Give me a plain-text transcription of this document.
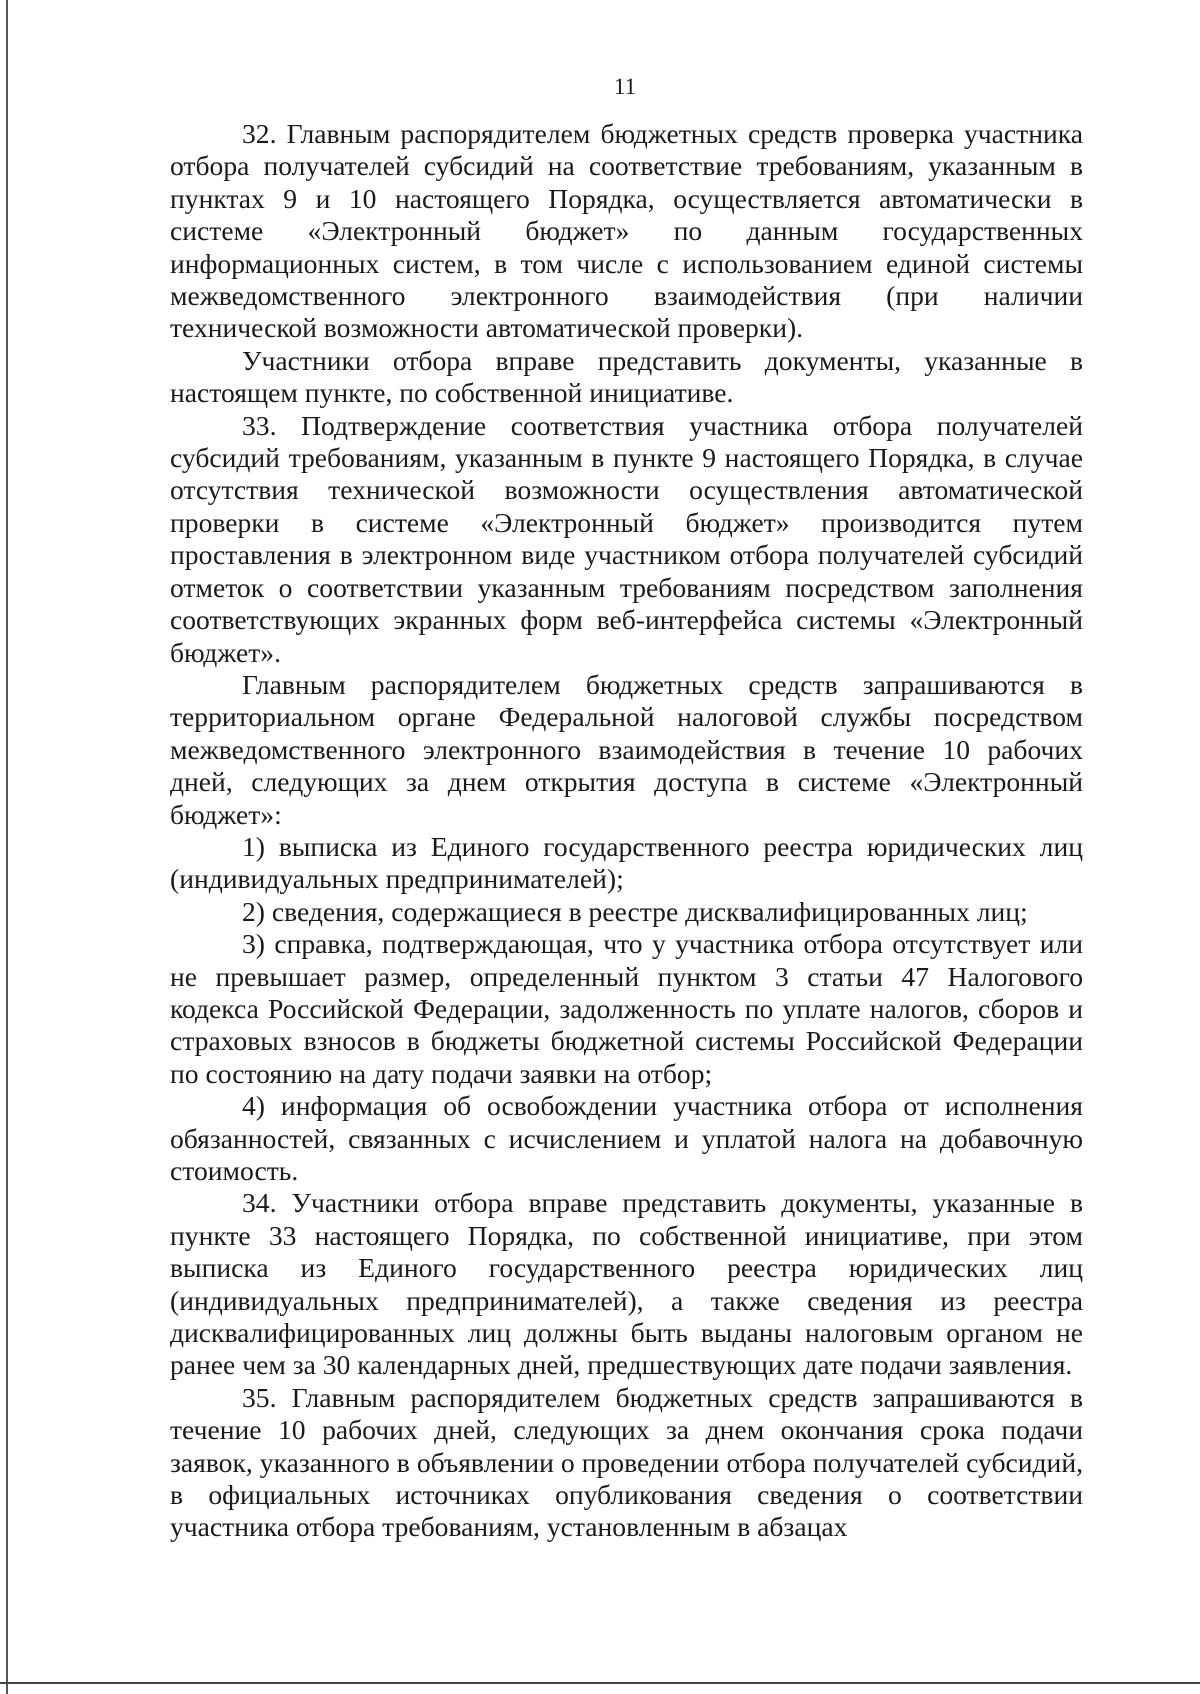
11

32. Главным распорядителем бюджетных средств проверка участника отбора получателей субсидий на соответствие требованиям, указанным в пунктах 9 и 10 настоящего Порядка, осуществляется автоматически в системе «Электронный бюджет» по данным государственных информационных систем, в том числе с использованием единой системы межведомственного электронного взаимодействия (при наличии технической возможности автоматической проверки).

Участники отбора вправе представить документы, указанные в настоящем пункте, по собственной инициативе.

33. Подтверждение соответствия участника отбора получателей субсидий требованиям, указанным в пункте 9 настоящего Порядка, в случае отсутствия технической возможности осуществления автоматической проверки в системе «Электронный бюджет» производится путем проставления в электронном виде участником отбора получателей субсидий отметок о соответствии указанным требованиям посредством заполнения соответствующих экранных форм веб-интерфейса системы «Электронный бюджет».

Главным распорядителем бюджетных средств запрашиваются в территориальном органе Федеральной налоговой службы посредством межведомственного электронного взаимодействия в течение 10 рабочих дней, следующих за днем открытия доступа в системе «Электронный бюджет»:

1) выписка из Единого государственного реестра юридических лиц (индивидуальных предпринимателей);

2) сведения, содержащиеся в реестре дисквалифицированных лиц;

3) справка, подтверждающая, что у участника отбора отсутствует или не превышает размер, определенный пунктом 3 статьи 47 Налогового кодекса Российской Федерации, задолженность по уплате налогов, сборов и страховых взносов в бюджеты бюджетной системы Российской Федерации по состоянию на дату подачи заявки на отбор;

4) информация об освобождении участника отбора от исполнения обязанностей, связанных с исчислением и уплатой налога на добавочную стоимость.

34. Участники отбора вправе представить документы, указанные в пункте 33 настоящего Порядка, по собственной инициативе, при этом выписка из Единого государственного реестра юридических лиц (индивидуальных предпринимателей), а также сведения из реестра дисквалифицированных лиц должны быть выданы налоговым органом не ранее чем за 30 календарных дней, предшествующих дате подачи заявления.

35. Главным распорядителем бюджетных средств запрашиваются в течение 10 рабочих дней, следующих за днем окончания срока подачи заявок, указанного в объявлении о проведении отбора получателей субсидий, в официальных источниках опубликования сведения о соответствии участника отбора требованиям, установленным в абзацах
